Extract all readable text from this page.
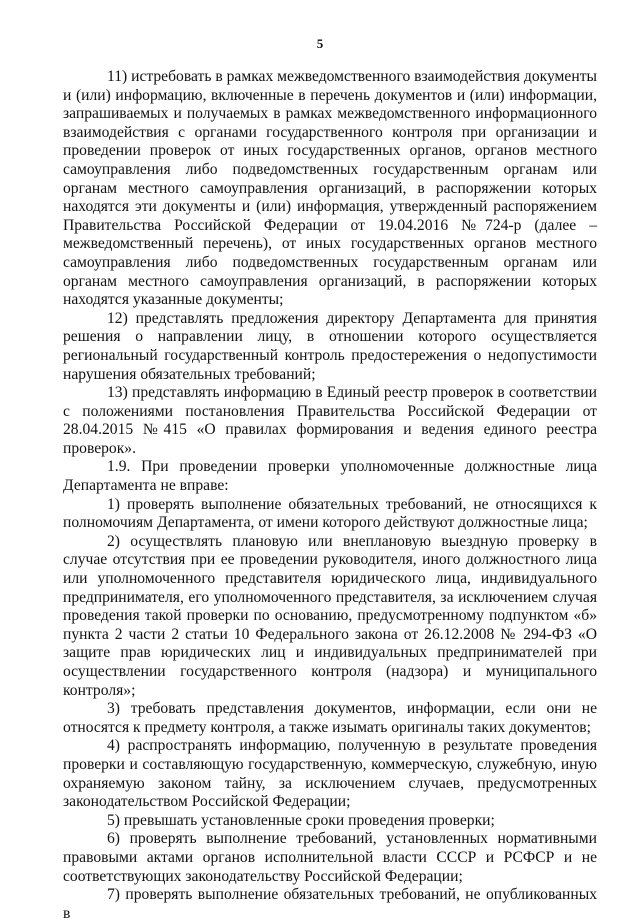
5

11) истребовать в рамках межведомственного взаимодействия документы и (или) информацию, включенные в перечень документов и (или) информации, запрашиваемых и получаемых в рамках межведомственного информационного взаимодействия с органами государственного контроля при организации и проведении проверок от иных государственных органов, органов местного самоуправления либо подведомственных государственным органам или органам местного самоуправления организаций, в распоряжении которых находятся эти документы и (или) информация, утвержденный распоряжением Правительства Российской Федерации от 19.04.2016 №724-р (далее – межведомственный перечень), от иных государственных органов местного самоуправления либо подведомственных государственным органам или органам местного самоуправления организаций, в распоряжении которых находятся указанные документы;

12) представлять предложения директору Департамента для принятия решения о направлении лицу, в отношении которого осуществляется региональный государственный контроль предостережения о недопустимости нарушения обязательных требований;

13) представлять информацию в Единый реестр проверок в соответствии с положениями постановления Правительства Российской Федерации от 28.04.2015 №415 «О правилах формирования и ведения единого реестра проверок».

1.9. При проведении проверки уполномоченные должностные лица Департамента не вправе:

1) проверять выполнение обязательных требований, не относящихся к полномочиям Департамента, от имени которого действуют должностные лица;

2) осуществлять плановую или внеплановую выездную проверку в случае отсутствия при ее проведении руководителя, иного должностного лица или уполномоченного представителя юридического лица, индивидуального предпринимателя, его уполномоченного представителя, за исключением случая проведения такой проверки по основанию, предусмотренному подпунктом «б» пункта 2 части 2 статьи 10 Федерального закона от 26.12.2008 № 294-ФЗ «О защите прав юридических лиц и индивидуальных предпринимателей при осуществлении государственного контроля (надзора) и муниципального контроля»;

3) требовать представления документов, информации, если они не относятся к предмету контроля, а также изымать оригиналы таких документов;

4) распространять информацию, полученную в результате проведения проверки и составляющую государственную, коммерческую, служебную, иную охраняемую законом тайну, за исключением случаев, предусмотренных законодательством Российской Федерации;

5) превышать установленные сроки проведения проверки;

6) проверять выполнение требований, установленных нормативными правовыми актами органов исполнительной власти СССР и РСФСР и не соответствующих законодательству Российской Федерации;

7) проверять выполнение обязательных требований, не опубликованных в
